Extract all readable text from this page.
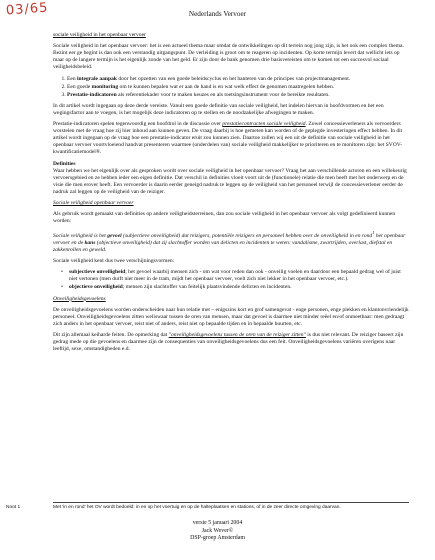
03/65	Nederlands Vervoer

sociale veiligheid in het openbaar vervoer

Sociale veiligheid in het openbaar vervoer: het is een actueel thema maar omdat de ontwikkelingen op dit terrein nog jong zijn, is het ook een complex thema. Bezint eer ge begint is dan ook een verstandig uitgangspunt. De verleiding is groot om te reageren op incidenten. Op korte termijn levert dat wellicht iets op maar op de langere termijn is het eigenlijk zonde van het geld. Er zijn door de bank genomen drie basisvereisten om te komen tot een succesvol sociaal veiligheidsbeleid.

1. Een integrale aanpak door het opzetten van een goede beleidscyclus en het hanteren van de principes van projectmanagement.
2. Een goede monitoring om te kunnen bepalen wat er aan de hand is en wat welk effect de genomen maatregelen hebben.
3. Prestatie-indicatoren als referentiekader voor te maken keuzes en als toetsingsinstrument voor de bereikte resultaten.

In dit artikel wordt ingegaan op deze derde vereiste. Vanuit een goede definitie van sociale veiligheid, het indelen hiervan in hoofdvormen en het een wegingsfactor aan te voegen, is het mogelijk deze indicatoren op te stellen en de noodzakelijke afwegingen te maken.

Prestatie-indicatoren spelen tegenwoordig een hoofdrol in de discussie over prestatiecontracten sociale veiligheid. Zowel concessieverleners als vervoerders worstelen met de vraag hoe zij hier inhoud aan kunnen geven. De vraag daarbij is hoe gemeten kan worden of de geplegde investeringen effect hebben. In dit artikel wordt ingegaan op de vraag hoe een prestatie-indicator eruit zou kunnen zien. Daartoe zullen wij een uit de definitie van sociale veiligheid in het openbaar vervoer voortvloeiend handvat presenteren waarmee (onderdelen van) sociale veiligheid makkelijker te prioriteren en te monitoren zijn: het SVOV-kwantificatiemodel®.

Definities

Waar hebben we het eigenlijk over als gesproken wordt over sociale veiligheid in het openbaar vervoer? Vraag het aan verschillende actoren en een willekeurig vervoersgebied en ze hebben ieder een eigen definitie. Dat verschil in definities vloeit voort uit de (functionele) relatie die men heeft met het onderwerp en de visie die men erover heeft. Een vervoerder is daarin eerder geneigd nadruk te leggen op de veiligheid van het personeel terwijl de concessieverlener eerder de nadruk zal leggen op de veiligheid van de reiziger.

Sociale veiligheid openbaar vervoer

Als gebruik wordt gemaakt van definities op andere veiligheidsterreinen, dan zou sociale veiligheid in het openbaar vervoer als volgt gedefinieerd kunnen worden:

Sociale veiligheid is het gevoel (subjectieve onveiligheid) dat reizigers, potentiële reizigers en personeel hebben over de onveiligheid in en rond$^1$ het openbaar vervoer en de kans (objectieve onveiligheid) dat zij slachtoffer worden van delicten en incidenten te weten: vandalisme, zwartrijden, overlast, diefstal en zakkenrollen en geweld.

Sociale veiligheid kent dus twee verschijningsvormen:

• subjectieve onveiligheid; het gevoel waarbij mensen zich - om wat voor reden dan ook - onveilig voelen en daardoor een bepaald gedrag wel of juist niet vertonen (men durft niet meer in de tram, mijdt het openbaar vervoer, voelt zich niet lekker in het openbaar vervoer, etc.).
• objectieve onveiligheid; mensen zijn slachtoffer van feitelijk plaatsvindende delicten en incidenten.

Onveiligheidsgevoelens

De onveiligheidsgevoelens worden onderscheiden naar hun relatie met – enigszins kort en grof samengevat - enge personen, enge plekken en klantonvriendelijk personeel. Onveiligheidsgevoelens zitten weliswaar tussen de oren van mensen, maar dat gevoel is daarmee niet minder reëel en/of onmeetbaar: men gedraagt zich anders in het openbaar vervoer, reist niet of anders, reist niet op bepaalde tijden en in bepaalde buurten, etc.

Dit zijn allemaal keiharde feiten. De opmerking dat "onveiligheidsgevoelens tussen de oren van de reiziger zitten" is dus niet relevant. De reiziger baseert zijn gedrag mede op die gevoelens en daarmee zijn de consequenties van onveiligheidsgevoelens dus een feit. Onveiligheidsgevoelens variëren overigens naar leeftijd, sexe, omstandigheden e.d.

Noot 1	Met 'in en rond' het OV wordt bedoeld: in en op het voertuig en op de halteplaatsen en stations, of in de zeer directe omgeving daarvan.
versie 5 januari 2004
Jack Wever©
DSP-groep Amsterdam
